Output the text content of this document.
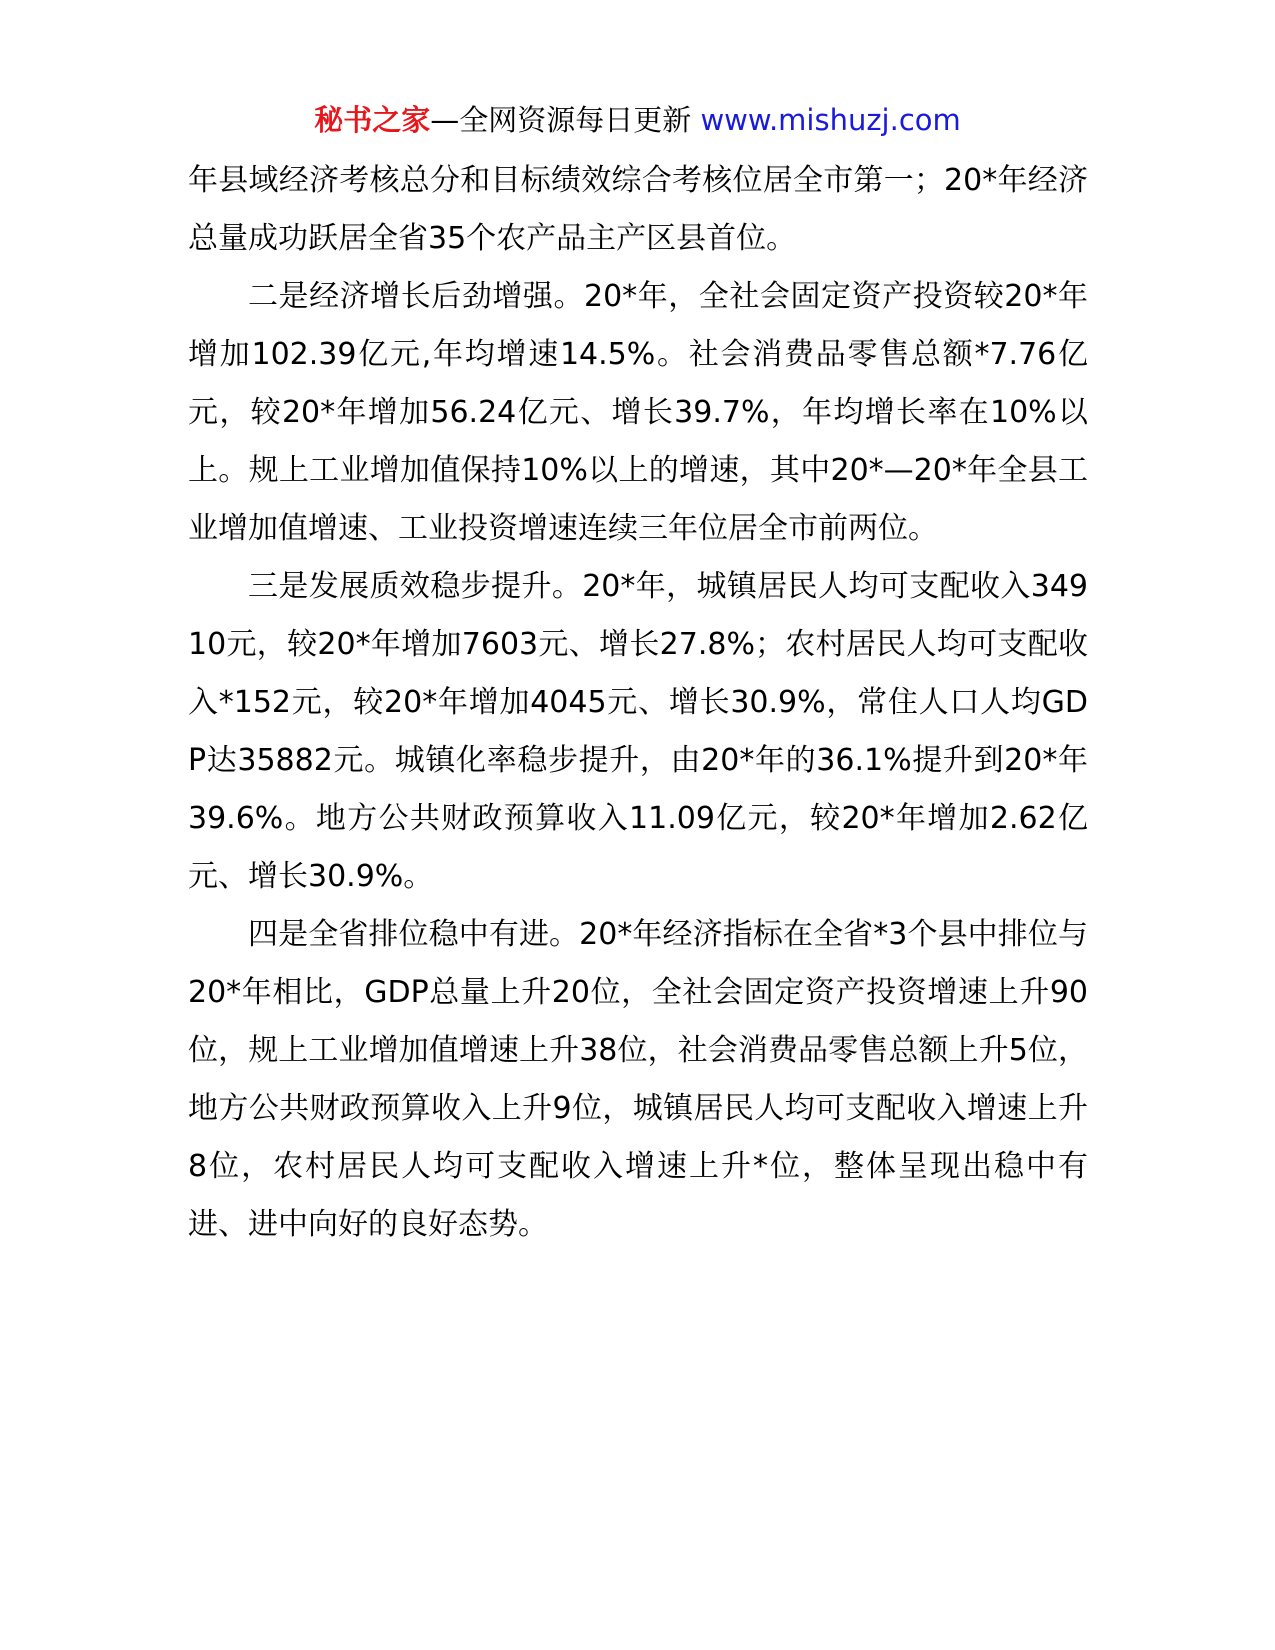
秘书之家—全网资源每日更新 www.mishuzj.com

年县域经济考核总分和目标绩效综合考核位居全市第一；20*年经济总量成功跃居全省35个农产品主产区县首位。

二是经济增长后劲增强。20*年，全社会固定资产投资较20*年增加102.39亿元,年均增速14.5%。社会消费品零售总额*7.76亿元，较20*年增加56.24亿元、增长39.7%，年均增长率在10%以上。规上工业增加值保持10%以上的增速，其中20*—20*年全县工业增加值增速、工业投资增速连续三年位居全市前两位。

三是发展质效稳步提升。20*年，城镇居民人均可支配收入34910元，较20*年增加7603元、增长27.8%；农村居民人均可支配收入*152元，较20*年增加4045元、增长30.9%，常住人口人均GDP达35882元。城镇化率稳步提升，由20*年的36.1%提升到20*年39.6%。地方公共财政预算收入11.09亿元，较20*年增加2.62亿元、增长30.9%。

四是全省排位稳中有进。20*年经济指标在全省*3个县中排位与20*年相比，GDP总量上升20位，全社会固定资产投资增速上升90位，规上工业增加值增速上升38位，社会消费品零售总额上升5位，地方公共财政预算收入上升9位，城镇居民人均可支配收入增速上升8位，农村居民人均可支配收入增速上升*位，整体呈现出稳中有进、进中向好的良好态势。
